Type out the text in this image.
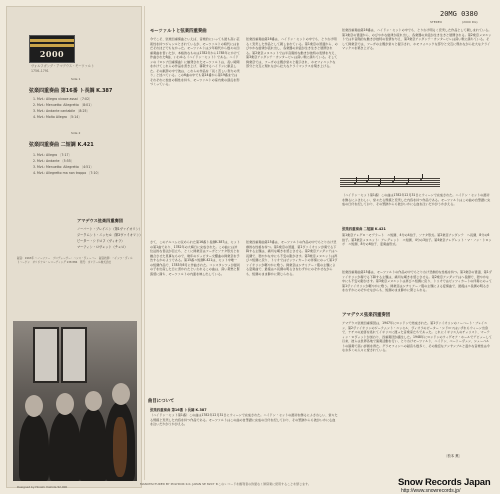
2000
ヴォルフガング・アマデウス・モーツァルト
1756–1791
Side 1
弦楽四重奏曲 第16番 ト長調 K.387
1. Mvt.: Allegro vivace assai 〔7:02〕
2. Mvt.: Menuetto: Allegretto 〔8:01〕
3. Mvt.: Andante cantabile 〔8:25〕
4. Mvt.: Molto Allegro 〔5:14〕
Side 2
弦楽四重奏曲 二短調 K.421
1. Mvt.: Allegro 〔7:17〕
2. Mvt.: Andante 〔5:55〕
3. Mvt.: Menuetto: Allegretto 〔4:51〕
4. Mvt.: Allegretto ma non troppo 〔7:10〕
アマデウス弦楽四重奏団
ノーバート・ブレイニン（第1ヴァイオリン）
ジークムント・ニッセル（第2ヴァイオリン）
ピーター・シドロフ（ヴィオラ）
マーティン・ロヴェット（チェロ）
録音：1963年 ハノーファー　プロデューサー：ハンス・ヴェーバー　録音技師：ハインツ・ヴィルトハーゲン　オリジナル・レコーディング 138 886　発売：ポリドール株式会社
Designed by Hiroshi Yoshida ¥2,000
20MG 0380
(2000 DG)
STEREO
モーツァルトと弦楽四重奏曲
今でこそ、弦楽四重奏曲といえば、音楽的にいっても最も高い芸術性を持つジャンルとされているが、モーツァルトの時代にはまだそれほどでもなかった。モーツァルトは少年時代から数々の四重奏曲を書いたが、本格的なものは1782年から1785年にかけて作曲された6曲、いわゆる《ハイドン・セット》である。ハイドンの《ロシア四重奏曲》に触発されたモーツァルトは、長い時間をかけてこれらの作品を書き上げ、尊敬するハイドンに献呈した。その献辞の中で彼は、これらの作品を「長く苦しい努力の実り」と述べている。この6曲の中でも第14番から第19番まではそれぞれに独自の個性を持ち、モーツァルトの室内楽の頂点を形づくっている。
さて、このアルバムに収められた第16番ト長調K.387は、セットの第1曲であり、1782年の大晦日に完成された。この曲には対位法的な書法が目立ち、とくに終楽章はフーガとソナタ形式とを融合させた見事なもので、晩年のジュピター交響曲の終楽章を予告するかのようである。第15番ニ短調K.421は、セット中唯一の短調作品で、1783年6月に作曲された。コンスタンツェが最初の子を出産した日に書かれたといわれるこの曲は、深い憂愁と緊張感に満ち、モーツァルトの内面を映し出している。
弦楽四重奏曲第16番は、ハイドン・セットの中でも、とりわけ明るく充実した作品として親しまれている。第1楽章の冒頭から、のびやかな旋律が流れ出し、各楽器の対話が生き生きと展開される。第2楽章メヌエットでは半音階的な動きが独特の表情を与え、第3楽章アンダンテ・カンタービレは深い歌に満ちている。そして終楽章では、フーガの主題が堂々と提示され、ホモフォニックな部分と交互に現れながら壮大なクライマックスを築き上げる。
弦楽四重奏曲第15番は、モーツァルトの作品の中でもとりわけ悲劇的な性格を持つ。第1楽章の冒頭、第1ヴァイオリンが奏でる下降する主題は、痛切な嘆きを感じさせる。第2楽章アンダンテはヘ長調で、穏やかな中にも不安の影がさす。第3楽章メヌエットは再びニ短調に戻り、トリオではピッツィカートの伴奏にのって第1ヴァイオリンが軽やかに歌う。終楽章はシチリアーノ風の主題による変奏曲で、最後はニ長調の明るさをわずかにのぞかせながらも、短調のまま静かに閉じられる。
曲目について
弦楽四重奏曲 第16番 ト長調 K.387
（ハイドン・セット第1番）この曲は1782年12月31日にウィーンで完成された。ハイドン・セットの最初を飾るにふさわしい、堂々たる規模と充実した内容を持つ作品である。モーツァルトはこの曲の自筆譜に完成の日付を記しており、その筆跡からも彼がいかに心血を注いだかがうかがえる。
弦楽四重奏曲第16番は、ハイドン・セットの中でも、とりわけ明るく充実した作品として親しまれている。第1楽章の冒頭から、のびやかな旋律が流れ出し、各楽器の対話が生き生きと展開される。第2楽章メヌエットでは半音階的な動きが独特の表情を与え、第3楽章アンダンテ・カンタービレは深い歌に満ちている。そして終楽章では、フーガの主題が堂々と提示され、ホモフォニックな部分と交互に現れながら壮大なクライマックスを築き上げる。
（ハイドン・セット第1番）この曲は1782年12月31日にウィーンで完成された。ハイドン・セットの最初を飾るにふさわしい、堂々たる規模と充実した内容を持つ作品である。モーツァルトはこの曲の自筆譜に完成の日付を記しており、その筆跡からも彼がいかに心血を注いだかがうかがえる。
弦楽四重奏曲 二短調 K.421
第1楽章アレグロ・モデラート　ニ短調、4分の4拍子、ソナタ形式。第2楽章アンダンテ　ヘ長調、8分の6拍子。第3楽章メヌエット：アレグレット　ニ短調、4分の3拍子。第4楽章アレグレット・マ・ノン・トロッポ　ニ短調、8分の6拍子、変奏曲形式。
弦楽四重奏曲第15番は、モーツァルトの作品の中でもとりわけ悲劇的な性格を持つ。第1楽章の冒頭、第1ヴァイオリンが奏でる下降する主題は、痛切な嘆きを感じさせる。第2楽章アンダンテはヘ長調で、穏やかな中にも不安の影がさす。第3楽章メヌエットは再びニ短調に戻り、トリオではピッツィカートの伴奏にのって第1ヴァイオリンが軽やかに歌う。終楽章はシチリアーノ風の主題による変奏曲で、最後はニ長調の明るさをわずかにのぞかせながらも、短調のまま静かに閉じられる。
アマデウス弦楽四重奏団
アマデウス弦楽四重奏団は、1947年にロンドンで結成された。第1ヴァイオリンのノーバート・ブレイニン、第2ヴァイオリンのジークムント・ニッセル、ヴィオラのピーター・シドロフはいずれもウィーン出身で、ナチスの迫害を逃れてイギリスに渡った音楽家たちであった。これにイギリス人のチェリスト、マーティン・ロヴェットが加わり、四重奏団が誕生した。1948年にロンドンのウィグモア・ホールでデビューして以来、彼らは世界各地で演奏活動を行い、とりわけモーツァルト、ハイドン、ベートーヴェン、シューベルトの演奏で高い評価を得た。グラモフォンへの録音も数多く、その緻密なアンサンブルと温かな音楽性は今なお多くの人々に愛されている。
〔松本 薫〕
MANUFACTURED BY POLYDOR K.K. JAPAN SE 8207 ★このレコードを権利者の許諾なく賃貸業に使用することを禁じます。	Snow Records Japan
http://www.snowrecords.jp/
